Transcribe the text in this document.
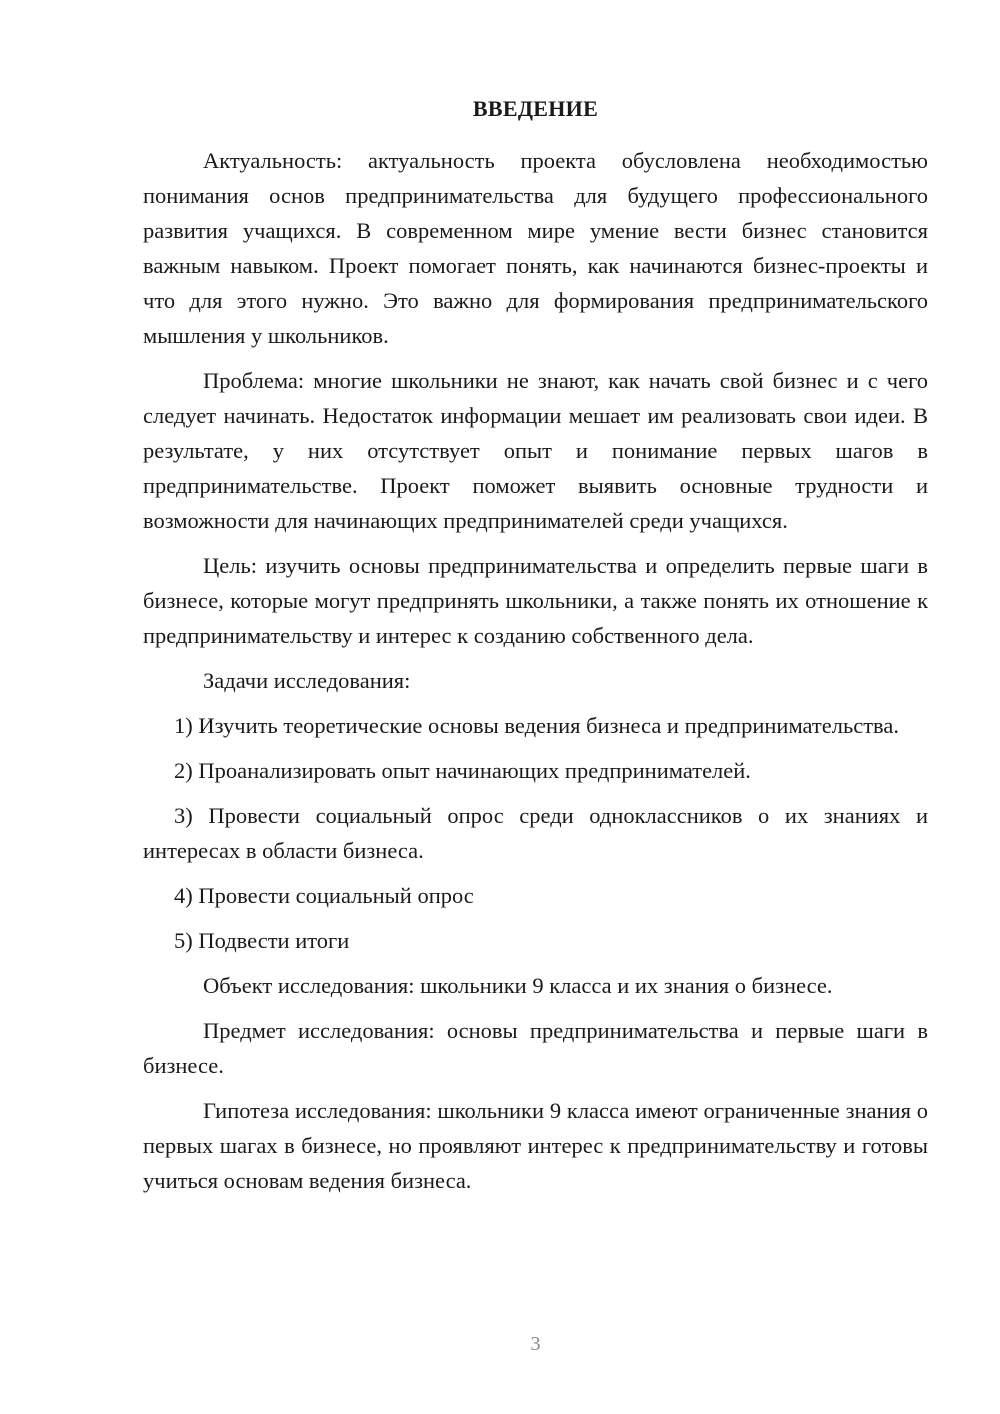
ВВЕДЕНИЕ

Актуальность: актуальность проекта обусловлена необходимостью понимания основ предпринимательства для будущего профессионального развития учащихся. В современном мире умение вести бизнес становится важным навыком. Проект помогает понять, как начинаются бизнес-проекты и что для этого нужно. Это важно для формирования предпринимательского мышления у школьников.

Проблема: многие школьники не знают, как начать свой бизнес и с чего следует начинать. Недостаток информации мешает им реализовать свои идеи. В результате, у них отсутствует опыт и понимание первых шагов в предпринимательстве. Проект поможет выявить основные трудности и возможности для начинающих предпринимателей среди учащихся.

Цель: изучить основы предпринимательства и определить первые шаги в бизнесе, которые могут предпринять школьники, а также понять их отношение к предпринимательству и интерес к созданию собственного дела.

Задачи исследования:

1) Изучить теоретические основы ведения бизнеса и предпринимательства.

2) Проанализировать опыт начинающих предпринимателей.

3) Провести социальный опрос среди одноклассников о их знаниях и интересах в области бизнеса.

4) Провести социальный опрос

5) Подвести итоги

Объект исследования: школьники 9 класса и их знания о бизнесе.

Предмет исследования: основы предпринимательства и первые шаги в бизнесе.

Гипотеза исследования: школьники 9 класса имеют ограниченные знания о первых шагах в бизнесе, но проявляют интерес к предпринимательству и готовы учиться основам ведения бизнеса.

3
